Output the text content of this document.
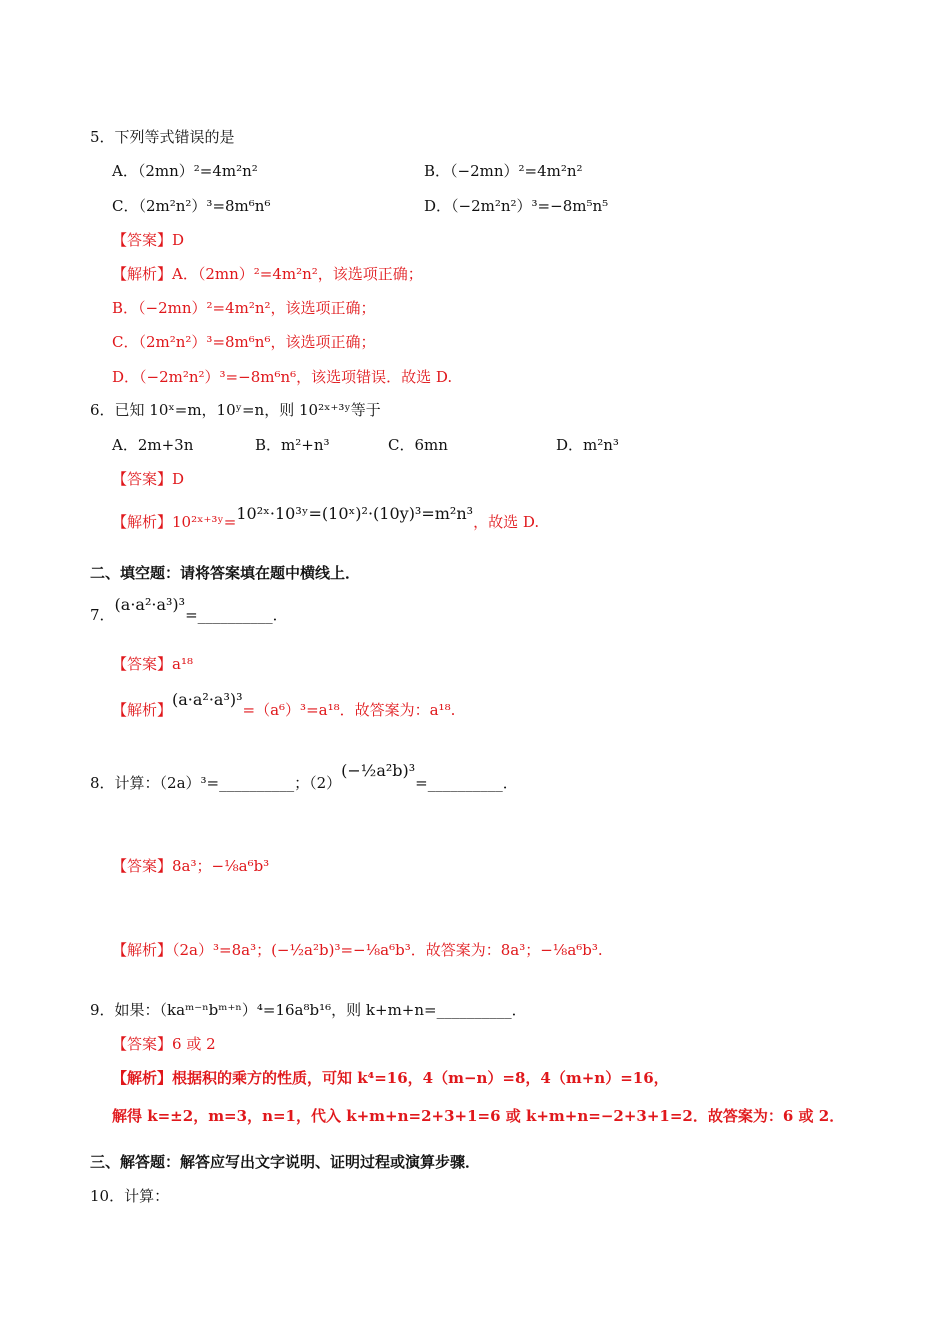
5．下列等式错误的是
A．（2mn）²=4m²n²	B．（−2mn）²=4m²n²
C．（2m²n²）³=8m⁶n⁶	D．（−2m²n²）³=−8m⁵n⁵
【答案】D
【解析】A．（2mn）²=4m²n²，该选项正确；
B．（−2mn）²=4m²n²，该选项正确；
C．（2m²n²）³=8m⁶n⁶，该选项正确；
D．（−2m²n²）³=−8m⁶n⁶，该选项错误．故选 D.
6．已知 10ˣ=m，10ʸ=n，则 10²ˣ⁺³ʸ等于
A．2m+3n	B．m²+n³	C．6mn	D．m²n³
【答案】D
【解析】10²ˣ⁺³ʸ=10²ˣ·10³ʸ=(10ˣ)²·(10y)³=m²n³，故选 D.
二、填空题：请将答案填在题中横线上．
7．(a·a²·a³)³=__________．
【答案】a¹⁸
【解析】(a·a²·a³)³=（a⁶）³=a¹⁸．故答案为：a¹⁸.
8．计算：（2a）³=__________；（2）(−½a²b)³=__________．
【答案】8a³；−⅛a⁶b³
【解析】（2a）³=8a³；(−½a²b)³=−⅛a⁶b³．故答案为：8a³；−⅛a⁶b³.
9．如果：（kaᵐ⁻ⁿbᵐ⁺ⁿ）⁴=16a⁸b¹⁶，则 k+m+n=__________．
【答案】6 或 2
【解析】根据积的乘方的性质，可知 k⁴=16，4（m−n）=8，4（m+n）=16，
解得 k=±2，m=3，n=1，代入 k+m+n=2+3+1=6 或 k+m+n=−2+3+1=2．故答案为：6 或 2．
三、解答题：解答应写出文字说明、证明过程或演算步骤．
10．计算：
